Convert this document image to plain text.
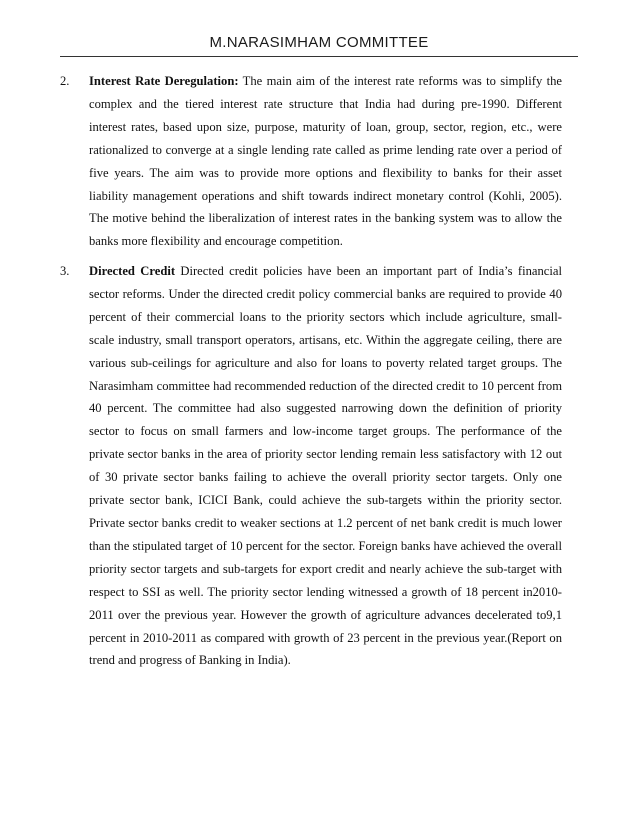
M.NARASIMHAM COMMITTEE
2. Interest Rate Deregulation: The main aim of the interest rate reforms was to simplify the complex and the tiered interest rate structure that India had during pre-1990. Different interest rates, based upon size, purpose, maturity of loan, group, sector, region, etc., were rationalized to converge at a single lending rate called as prime lending rate over a period of five years. The aim was to provide more options and flexibility to banks for their asset liability management operations and shift towards indirect monetary control (Kohli, 2005). The motive behind the liberalization of interest rates in the banking system was to allow the banks more flexibility and encourage competition.

3. Directed Credit Directed credit policies have been an important part of India’s financial sector reforms. Under the directed credit policy commercial banks are required to provide 40 percent of their commercial loans to the priority sectors which include agriculture, small-scale industry, small transport operators, artisans, etc. Within the aggregate ceiling, there are various sub-ceilings for agriculture and also for loans to poverty related target groups. The Narasimham committee had recommended reduction of the directed credit to 10 percent from 40 percent. The committee had also suggested narrowing down the definition of priority sector to focus on small farmers and low-income target groups. The performance of the private sector banks in the area of priority sector lending remain less satisfactory with 12 out of 30 private sector banks failing to achieve the overall priority sector targets. Only one private sector bank, ICICI Bank, could achieve the sub-targets within the priority sector. Private sector banks credit to weaker sections at 1.2 percent of net bank credit is much lower than the stipulated target of 10 percent for the sector. Foreign banks have achieved the overall priority sector targets and sub-targets for export credit and nearly achieve the sub-target with respect to SSI as well. The priority sector lending witnessed a growth of 18 percent in2010-2011 over the previous year. However the growth of agriculture advances decelerated to9,1 percent in 2010-2011 as compared with growth of 23 percent in the previous year.(Report on trend and progress of Banking in India).
